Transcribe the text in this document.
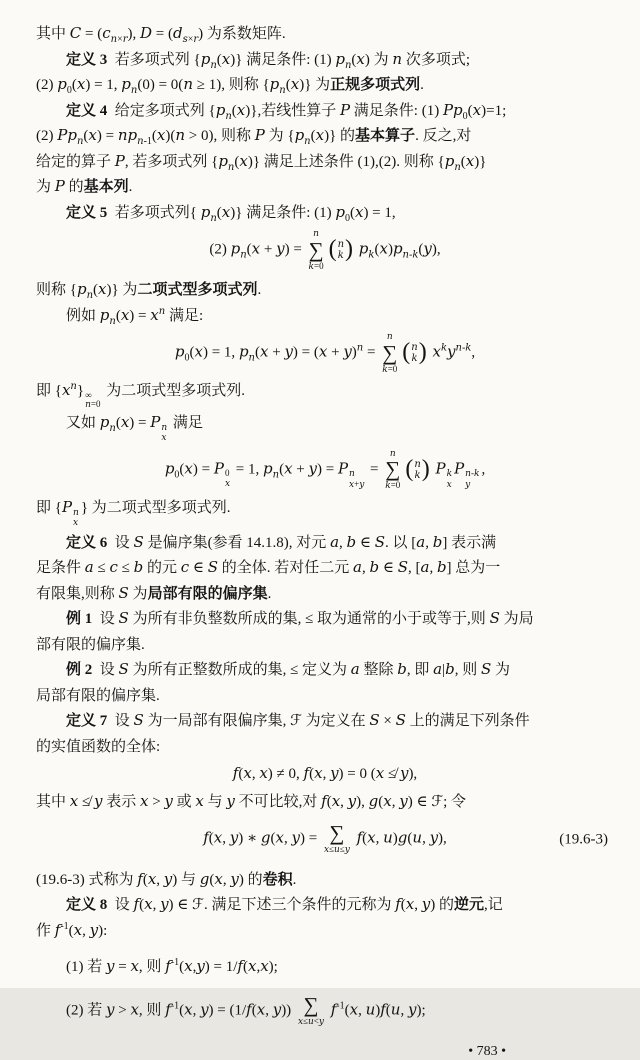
其中 $C = (c_{n\times r})$, $D = (d_{s\times r})$ 为系数矩阵.
定义 3  若多项式列 $\{p_n(x)\}$ 满足条件: (1) $p_n(x)$ 为 n 次多项式;
(2) $p_0(x) = 1$, $p_n(0) = 0(n \ge 1)$, 则称 $\{p_n(x)\}$ 为正规多项式列.
定义 4  给定多项式列 $\{p_n(x)\}$,若线性算子 P 满足条件: (1) $Pp_0(x)=1$;
(2) $Pp_n(x) = np_{n-1}(x)(n > 0)$, 则称 P 为 $\{p_n(x)\}$ 的基本算子. 反之,对
给定的算子 P, 若多项式列 $\{p_n(x)\}$ 满足上述条件 (1),(2). 则称 $\{p_n(x)\}$
为 P 的基本列.
定义 5  若多项式列{ $p_n(x)$} 满足条件: (1) $p_0(x) = 1$,
(2) $p_n(x + y)$ =
n
∑
k=0
( n
k ) $p_k(x)p_{n-k}(y)$,
则称 $\{p_n(x)\}$ 为二项式型多项式列.
例如 $p_n(x) = x^n$ 满足:
$p_0(x) = 1$, $p_n(x + y) = (x + y)^n$ =
n
∑
k=0
( n
k ) $x^ky^{n-k}$,
即 $\{x^n\}$ ∞
n=0
为二项式型多项式列.
又如 $p_n(x) = P$ n
x
满足
$p_0(x) = P$ 0
x
= 1, $p_n(x + y) = P$ n
x+y
=
n
∑
k=0
( n
k ) P k
x
P n-k
y
,
即 {P n
x
} 为二项式型多项式列.
定义 6  设 S 是偏序集(参看 14.1.8), 对元 a, b ∈ S. 以 [a, b] 表示满
足条件 a ≤ c ≤ b 的元 c ∈ S 的全体. 若对任二元 a, b ∈ S, [a, b] 总为一
有限集,则称 S 为局部有限的偏序集.
例 1  设 S 为所有非负整数所成的集, ≤ 取为通常的小于或等于,则 S 为局
部有限的偏序集.
例 2  设 S 为所有正整数所成的集, ≤ 定义为 a 整除 b, 即 a|b, 则 S 为
局部有限的偏序集.
定义 7  设 S 为一局部有限偏序集, ℱ 为定义在 S × S 上的满足下列条件
的实值函数的全体:
f(x, x) ≠ 0, f(x, y) = 0 (x ≰ y),
其中 x ≰ y 表示 x > y 或 x 与 y 不可比较,对 f(x, y), g(x, y) ∈ ℱ; 令
f(x, y) ∗ g(x, y) = ∑
x≤u≤y
f(x, u)g(u, y),	(19.6-3)
(19.6-3) 式称为 f(x, y) 与 g(x, y) 的卷积.
定义 8  设 f(x, y) ∈ ℱ. 满足下述三个条件的元称为 f(x, y) 的逆元,记
作 $f^{-1}(x$, y):
(1) 若 y = x, 则 $f^{-1}(x,y) = 1/f(x,x)$;
(2) 若 y > x, 则 $f^{-1}(x$, y) = (1/f(x, y)) ∑
x≤u<y
$f^{-1}(x$, u)f(u, y);
• 783 •
